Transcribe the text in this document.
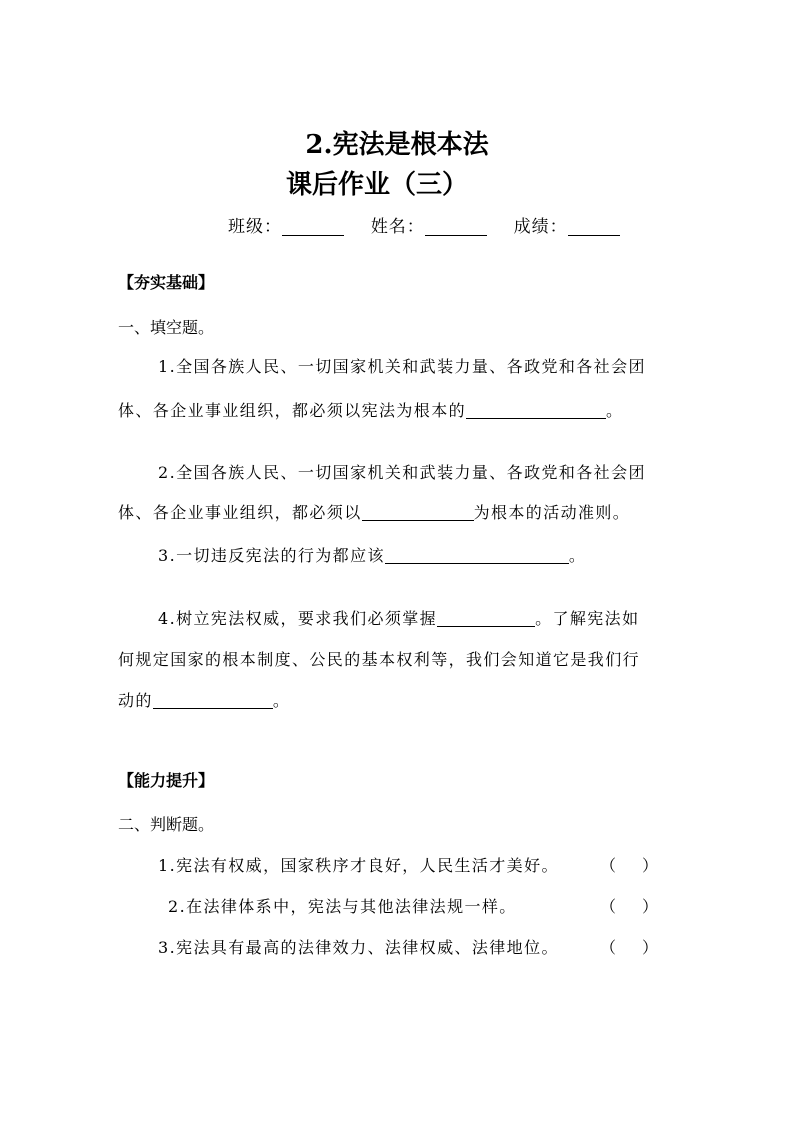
2.宪法是根本法
课后作业（三）
班级：	姓名：	成绩：
【夯实基础】
一、填空题。
1.全国各族人民、一切国家机关和武装力量、各政党和各社会团
体、各企业事业组织，都必须以宪法为根本的	。
2.全国各族人民、一切国家机关和武装力量、各政党和各社会团
体、各企业事业组织，都必须以	为根本的活动准则。
3.一切违反宪法的行为都应该	。
4.树立宪法权威，要求我们必须掌握	。了解宪法如
何规定国家的根本制度、公民的基本权利等，我们会知道它是我们行
动的	。
【能力提升】
二、判断题。
1.宪法有权威，国家秩序才良好，人民生活才美好。	（ ）
2.在法律体系中，宪法与其他法律法规一样。	（ ）
3.宪法具有最高的法律效力、法律权威、法律地位。	（ ）
